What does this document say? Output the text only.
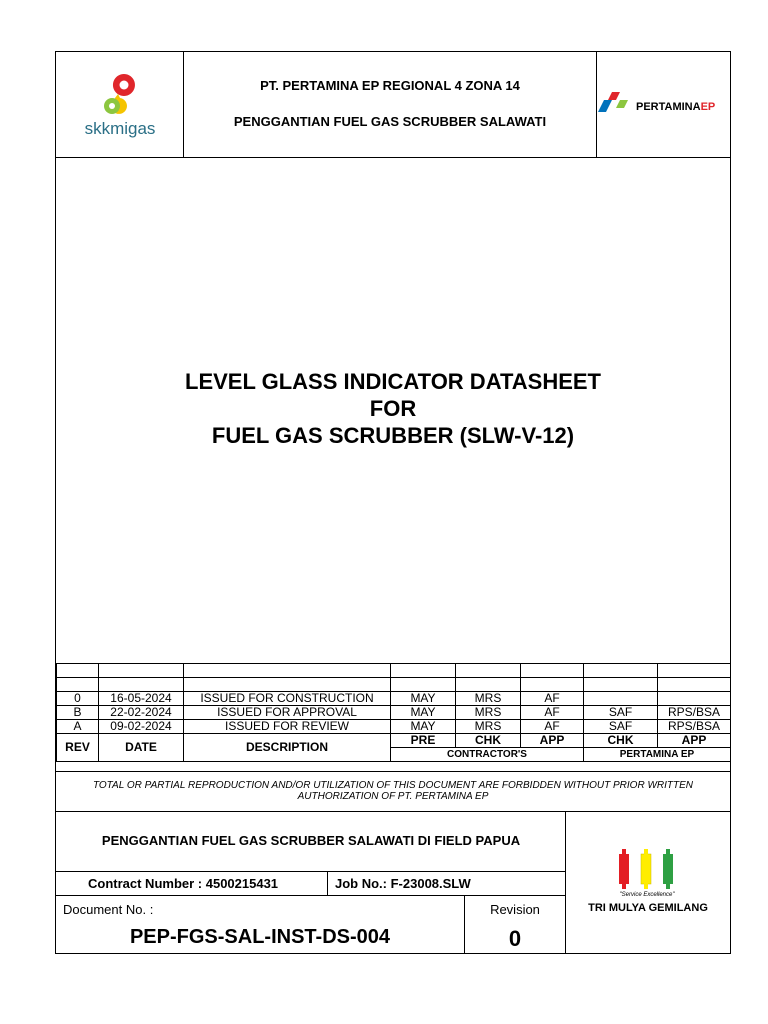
skkmigas
PT. PERTAMINA EP REGIONAL 4 ZONA 14
PENGGANTIAN FUEL GAS SCRUBBER SALAWATI
PERTAMINAEP
LEVEL GLASS INDICATOR DATASHEET
FOR
FUEL GAS SCRUBBER (SLW-V-12)

0	16-05-2024	ISSUED FOR CONSTRUCTION	MAY	MRS	AF		
B	22-02-2024	ISSUED FOR APPROVAL	MAY	MRS	AF	SAF	RPS/BSA
A	09-02-2024	ISSUED FOR REVIEW	MAY	MRS	AF	SAF	RPS/BSA
REV	DATE	DESCRIPTION	PRE	CHK	APP	CHK	APP
			CONTRACTOR'S			PERTAMINA EP	
TOTAL OR PARTIAL REPRODUCTION AND/OR UTILIZATION OF THIS DOCUMENT ARE FORBIDDEN WITHOUT PRIOR WRITTEN AUTHORIZATION OF PT. PERTAMINA EP
PENGGANTIAN FUEL GAS SCRUBBER SALAWATI DI FIELD PAPUA
Contract Number : 4500215431	Job No.: F-23008.SLW
Document No. :
PEP-FGS-SAL-INST-DS-004
Revision
0
"Service Excellence"
TRI MULYA GEMILANG
